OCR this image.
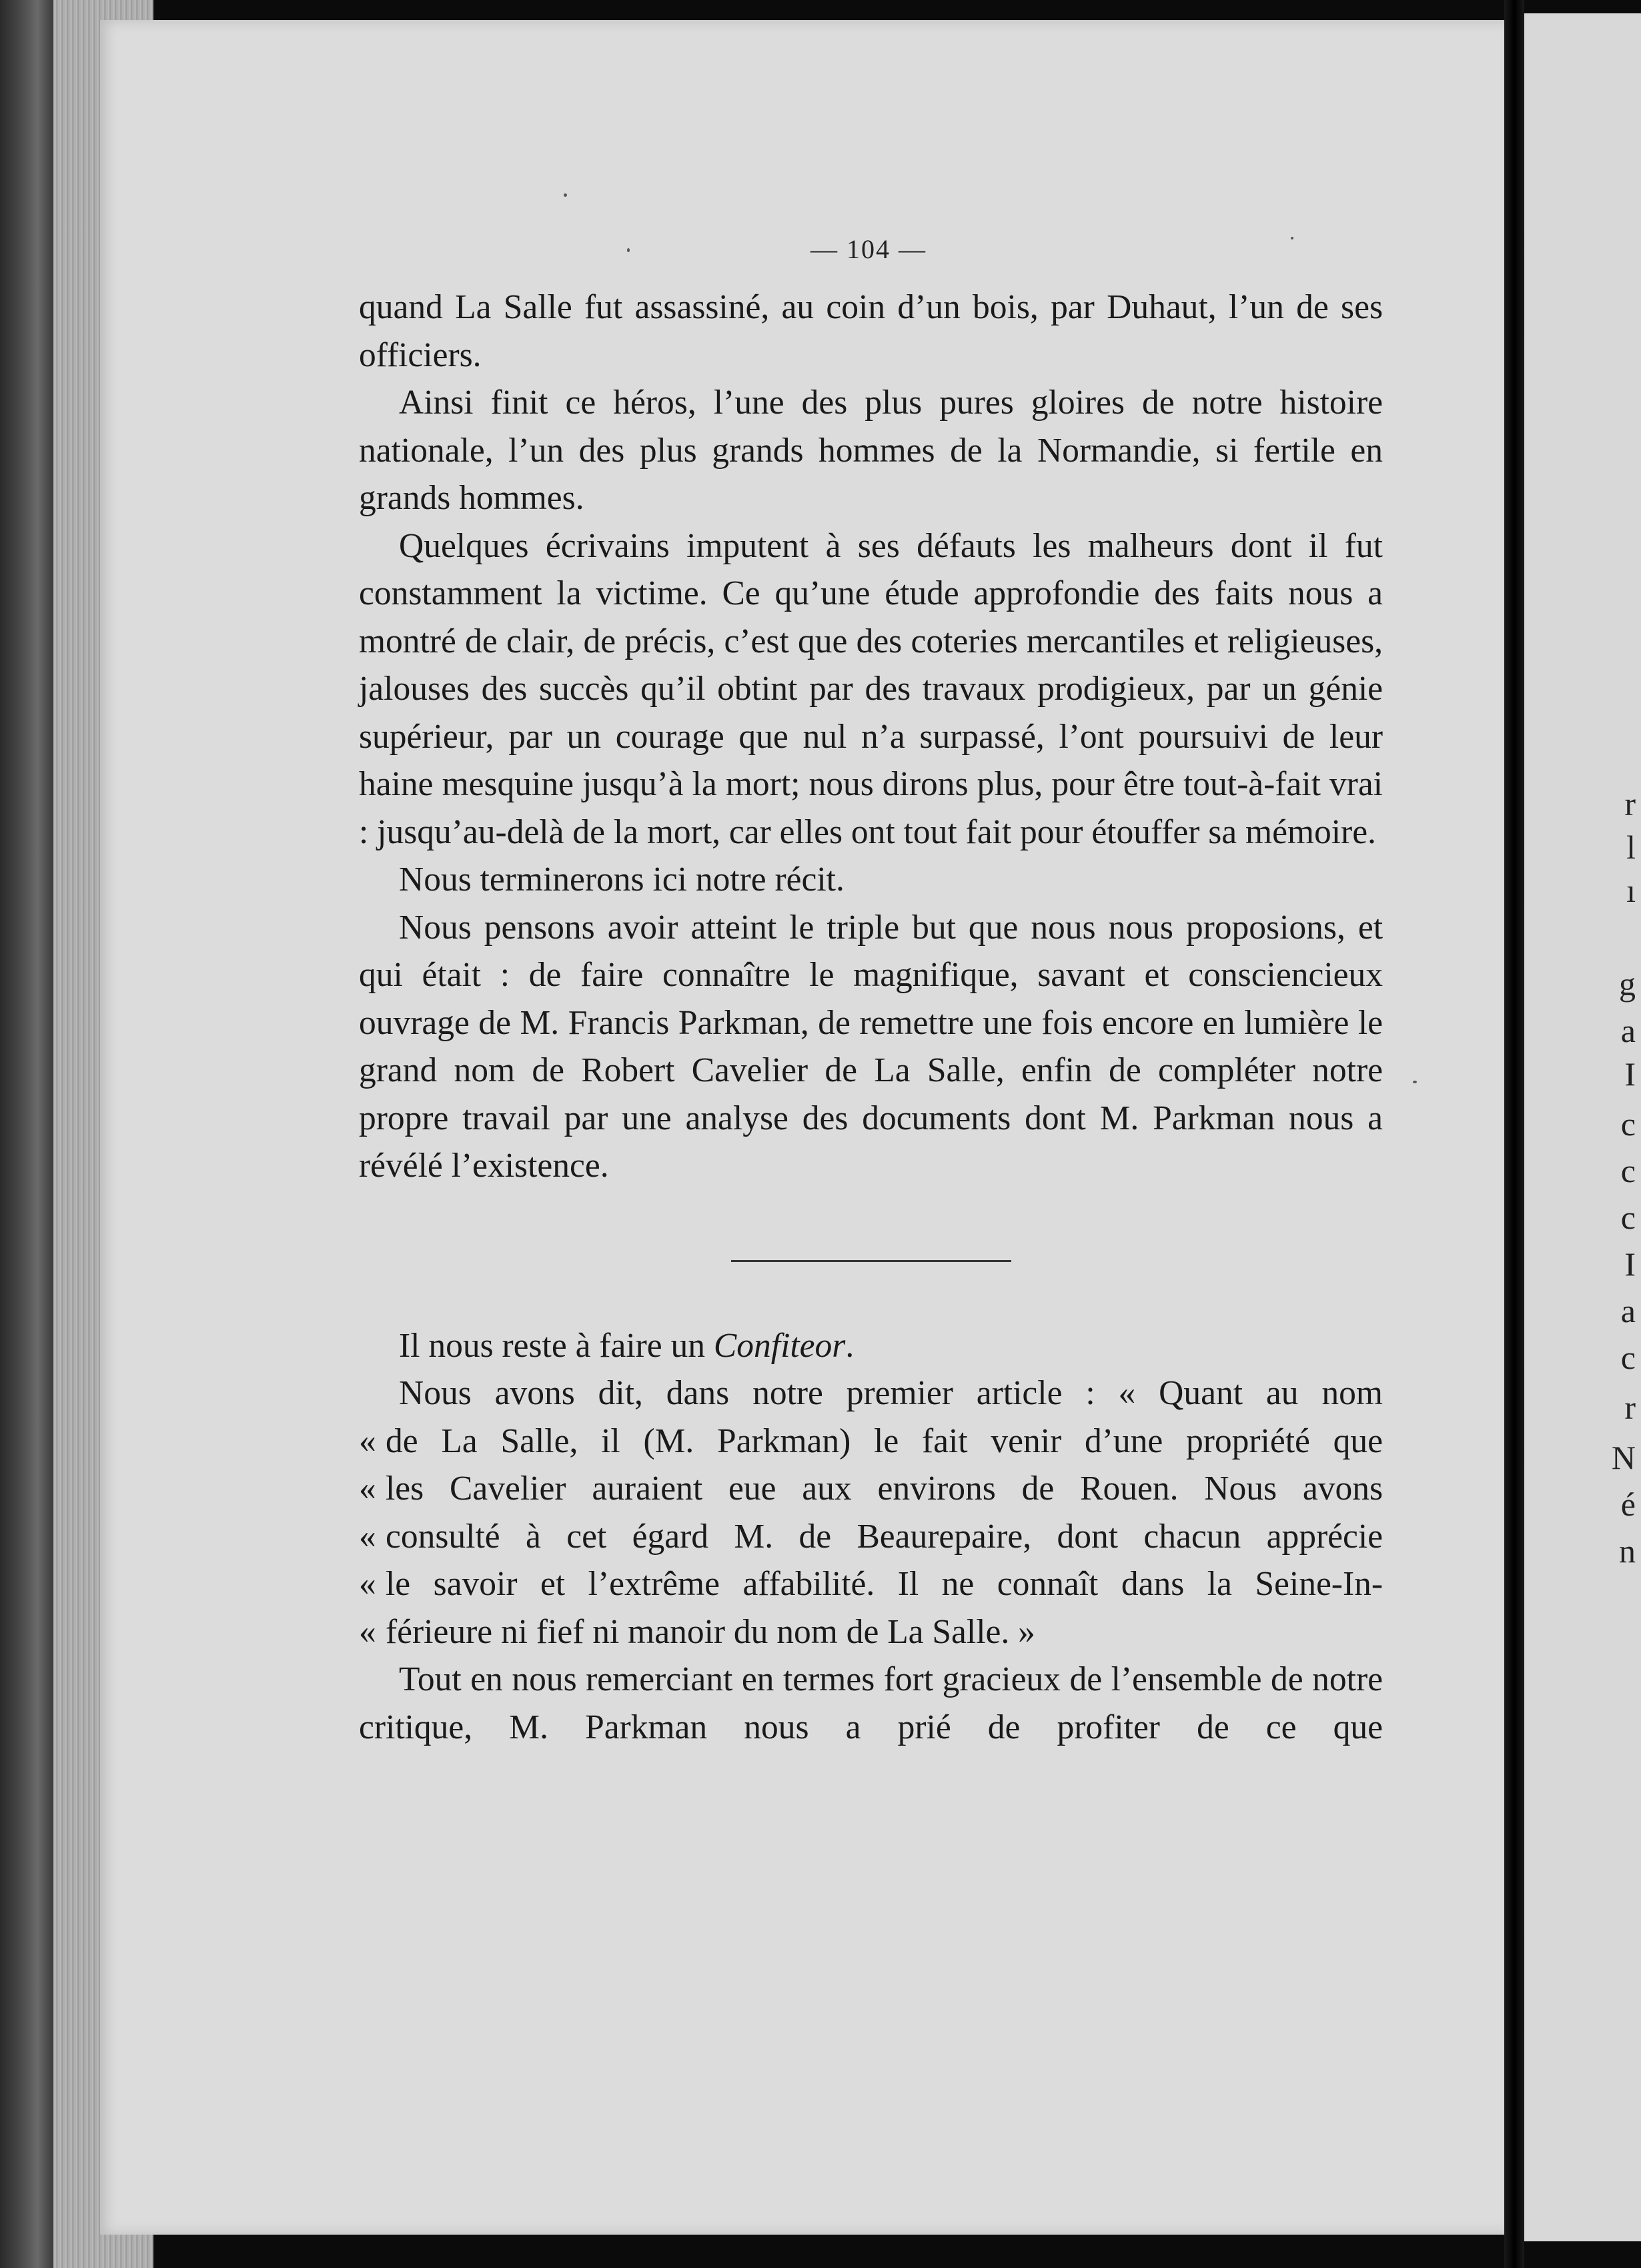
r
l
ı
g
a
I
c
c
c
I
a
c
r
N
é
n
— 104 —

quand La Salle fut assassiné, au coin d’un bois, par Duhaut, l’un de ses officiers.

Ainsi finit ce héros, l’une des plus pures gloires de notre histoire nationale, l’un des plus grands hommes de la Normandie, si fertile en grands hommes.

Quelques écrivains imputent à ses défauts les malheurs dont il fut constamment la victime. Ce qu’une étude approfondie des faits nous a montré de clair, de précis, c’est que des coteries mercantiles et religieuses, jalouses des succès qu’il obtint par des travaux prodigieux, par un génie supérieur, par un courage que nul n’a surpassé, l’ont poursuivi de leur haine mesquine jusqu’à la mort; nous dirons plus, pour être tout-à-fait vrai : jusqu’au-delà de la mort, car elles ont tout fait pour étouffer sa mémoire.

Nous terminerons ici notre récit.

Nous pensons avoir atteint le triple but que nous nous proposions, et qui était : de faire connaître le magnifique, savant et consciencieux ouvrage de M. Francis Parkman, de remettre une fois encore en lumière le grand nom de Robert Cavelier de La Salle, enfin de compléter notre propre travail par une analyse des documents dont M. Parkman nous a révélé l’existence.

Il nous reste à faire un Confiteor.

Nous avons dit, dans notre premier article : « Quant au nom

« de La Salle, il (M. Parkman) le fait venir d’une propriété que
« les Cavelier auraient eue aux environs de Rouen. Nous avons
« consulté à cet égard M. de Beaurepaire, dont chacun apprécie
« le savoir et l’extrême affabilité. Il ne connaît dans la Seine-In-
« férieure ni fief ni manoir du nom de La Salle. »

Tout en nous remerciant en termes fort gracieux de l’ensemble de notre critique, M. Parkman nous a prié de profiter de ce que
